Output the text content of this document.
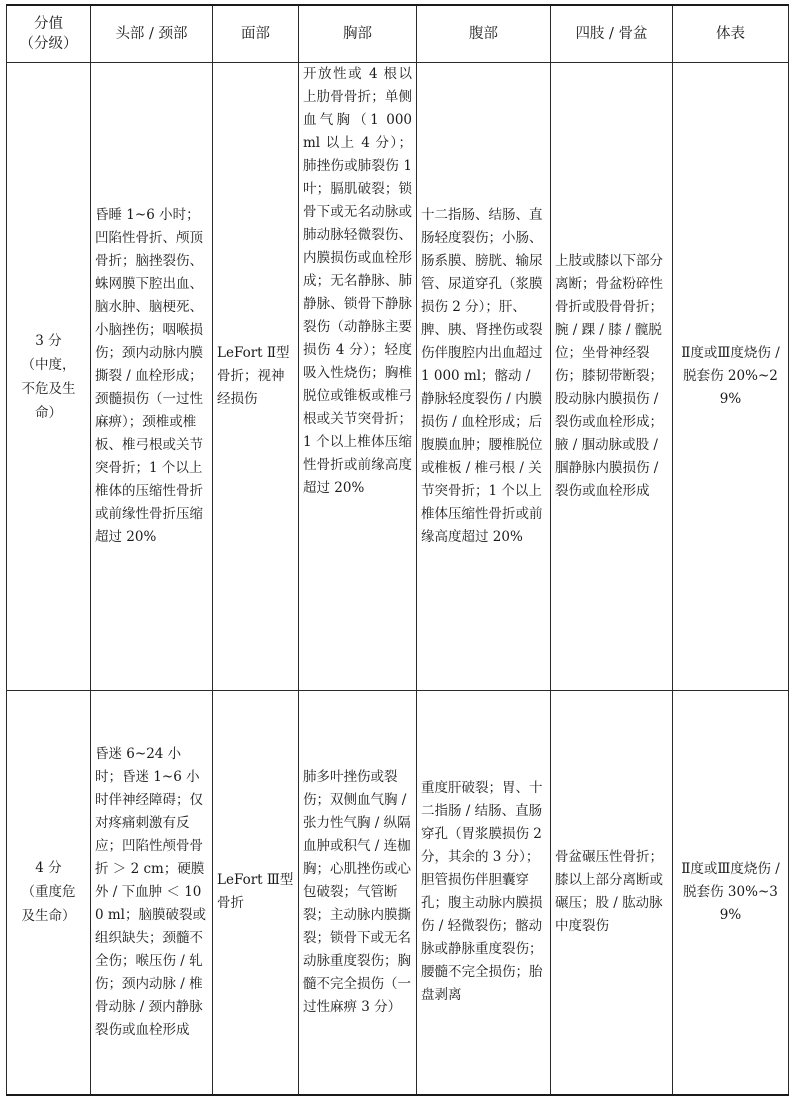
分值
（分级）	头部 / 颈部	面部	胸部	腹部	四肢 / 骨盆	体表
3 分
（中度，
不危及生
命）	昏睡 1~6 小时；凹陷性骨折、颅顶骨折；脑挫裂伤、蛛网膜下腔出血、脑水肿、脑梗死、小脑挫伤；咽喉损伤；颈内动脉内膜撕裂 / 血栓形成；颈髓损伤（一过性麻痹）；颈椎或椎板、椎弓根或关节突骨折；1 个以上椎体的压缩性骨折或前缘性骨折压缩超过 20%	LeFort Ⅱ型骨折；视神经损伤	开放性或 4 根以上肋骨骨折；单侧血气胸（1 000 ml 以上 4 分）；肺挫伤或肺裂伤 1 叶；膈肌破裂；锁骨下或无名动脉或肺动脉轻微裂伤、内膜损伤或血栓形成；无名静脉、肺静脉、锁骨下静脉裂伤（动静脉主要损伤 4 分）；轻度吸入性烧伤；胸椎脱位或锥板或椎弓根或关节突骨折；1 个以上椎体压缩性骨折或前缘高度超过 20%	十二指肠、结肠、直肠轻度裂伤；小肠、肠系膜、膀胱、输尿管、尿道穿孔（浆膜损伤 2 分）；肝、脾、胰、肾挫伤或裂伤伴腹腔内出血超过 1 000 ml；髂动 / 静脉轻度裂伤 / 内膜损伤 / 血栓形成；后腹膜血肿；腰椎脱位或椎板 / 椎弓根 / 关节突骨折；1 个以上椎体压缩性骨折或前缘高度超过 20%	上肢或膝以下部分离断；骨盆粉碎性骨折或股骨骨折；腕 / 踝 / 膝 / 髋脱位；坐骨神经裂伤；膝韧带断裂；股动脉内膜损伤 / 裂伤或血栓形成；腋 / 腘动脉或股 / 腘静脉内膜损伤 / 裂伤或血栓形成	Ⅱ度或Ⅲ度烧伤 / 脱套伤 20%~29%

4 分
（重度危
及生命）	昏迷 6~24 小时；昏迷 1~6 小时伴神经障碍；仅对疼痛刺激有反应；凹陷性颅骨骨折 ＞ 2 cm；硬膜外 / 下血肿 ＜ 100 ml；脑膜破裂或组织缺失；颈髓不全伤；喉压伤 / 轧伤；颈内动脉 / 椎骨动脉 / 颈内静脉裂伤或血栓形成	LeFort Ⅲ型骨折	肺多叶挫伤或裂伤；双侧血气胸 / 张力性气胸 / 纵隔血肿或积气 / 连枷胸；心肌挫伤或心包破裂；气管断裂；主动脉内膜撕裂；锁骨下或无名动脉重度裂伤；胸髓不完全损伤（一过性麻痹 3 分）	重度肝破裂；胃、十二指肠 / 结肠、直肠穿孔（胃浆膜损伤 2 分，其余的 3 分）；胆管损伤伴胆囊穿孔；腹主动脉内膜损伤 / 轻微裂伤；髂动脉或静脉重度裂伤；腰髓不完全损伤；胎盘剥离	骨盆碾压性骨折；膝以上部分离断或碾压；股 / 肱动脉中度裂伤	Ⅱ度或Ⅲ度烧伤 / 脱套伤 30%~39%
